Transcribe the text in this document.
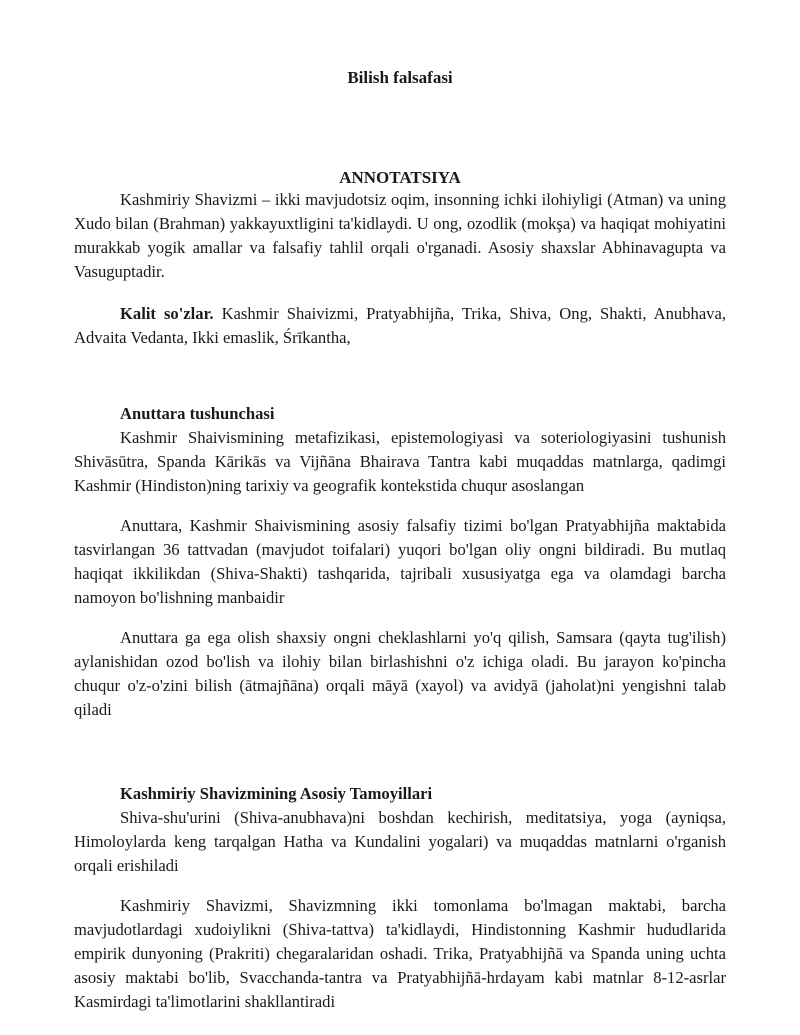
Bilish falsafasi
ANNOTATSIYA

Kashmiriy Shavizmi – ikki mavjudotsiz oqim, insonning ichki ilohiyligi (Atman) va uning Xudo bilan (Brahman) yakkayuxtligini ta'kidlaydi. U ong, ozodlik (mokşa) va haqiqat mohiyatini murakkab yogik amallar va falsafiy tahlil orqali o'rganadi. Asosiy shaxslar Abhinavagupta va Vasuguptadir.

Kalit so'zlar. Kashmir Shaivizmi, Pratyabhijña, Trika, Shiva, Ong, Shakti, Anubhava, Advaita Vedanta, Ikki emaslik, Śrīkantha,

Anuttara tushunchasi

Kashmir Shaivismining metafizikasi, epistemologiyasi va soteriologiyasini tushunish Shivāsūtra, Spanda Kārikās va Vijñāna Bhairava Tantra kabi muqaddas matnlarga, qadimgi Kashmir (Hindiston)ning tarixiy va geografik kontekstida chuqur asoslangan

Anuttara, Kashmir Shaivismining asosiy falsafiy tizimi bo'lgan Pratyabhijña maktabida tasvirlangan 36 tattvadan (mavjudot toifalari) yuqori bo'lgan oliy ongni bildiradi. Bu mutlaq haqiqat ikkilikdan (Shiva-Shakti) tashqarida, tajribali xususiyatga ega va olamdagi barcha namoyon bo'lishning manbaidir

Anuttara ga ega olish shaxsiy ongni cheklashlarni yo'q qilish, Samsara (qayta tug'ilish) aylanishidan ozod bo'lish va ilohiy bilan birlashishni o'z ichiga oladi. Bu jarayon ko'pincha chuqur o'z-o'zini bilish (ātmajñāna) orqali māyā (xayol) va avidyā (jaholat)ni yengishni talab qiladi

Kashmiriy Shavizmining Asosiy Tamoyillari

Shiva-shu'urini (Shiva-anubhava)ni boshdan kechirish, meditatsiya, yoga (ayniqsa, Himoloylarda keng tarqalgan Hatha va Kundalini yogalari) va muqaddas matnlarni o'rganish orqali erishiladi

Kashmiriy Shavizmi, Shavizmning ikki tomonlama bo'lmagan maktabi, barcha mavjudotlardagi xudoiylikni (Shiva-tattva) ta'kidlaydi, Hindistonning Kashmir hududlarida empirik dunyoning (Prakriti) chegaralaridan oshadi. Trika, Pratyabhijñā va Spanda uning uchta asosiy maktabi bo'lib, Svacchanda-tantra va Pratyabhijñā-hrdayam kabi matnlar 8-12-asrlar Kasmirdagi ta'limotlarini shakllantiradi
